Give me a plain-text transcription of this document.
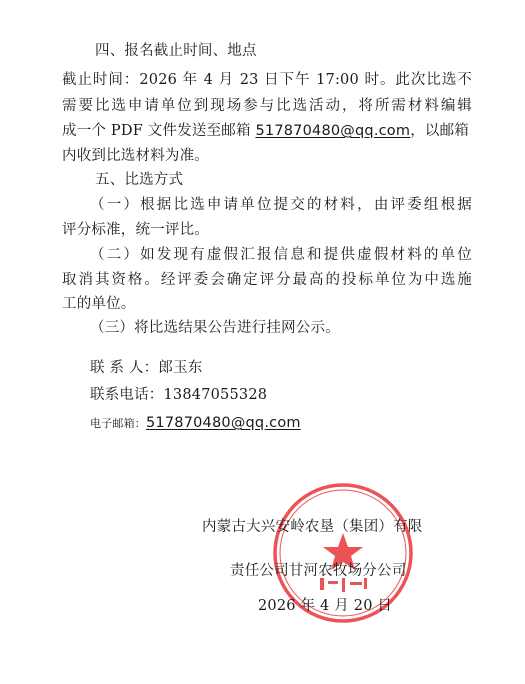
四、报名截止时间、地点
截止时间：2026 年 4 月 23 日下午 17:00 时。此次比选不
需要比选申请单位到现场参与比选活动，将所需材料编辑
成一个 PDF 文件发送至邮箱 517870480@qq.com，以邮箱
内收到比选材料为准。
五、比选方式
（一）根据比选申请单位提交的材料，由评委组根据
评分标准，统一评比。
（二）如发现有虚假汇报信息和提供虚假材料的单位
取消其资格。经评委会确定评分最高的投标单位为中选施
工的单位。
（三）将比选结果公告进行挂网公示。
联 系 人：郎玉东
联系电话：13847055328
电子邮箱：517870480@qq.com
内蒙古大兴安岭农垦（集团）有限
责任公司甘河农牧场分公司
2026 年 4 月 20 日
